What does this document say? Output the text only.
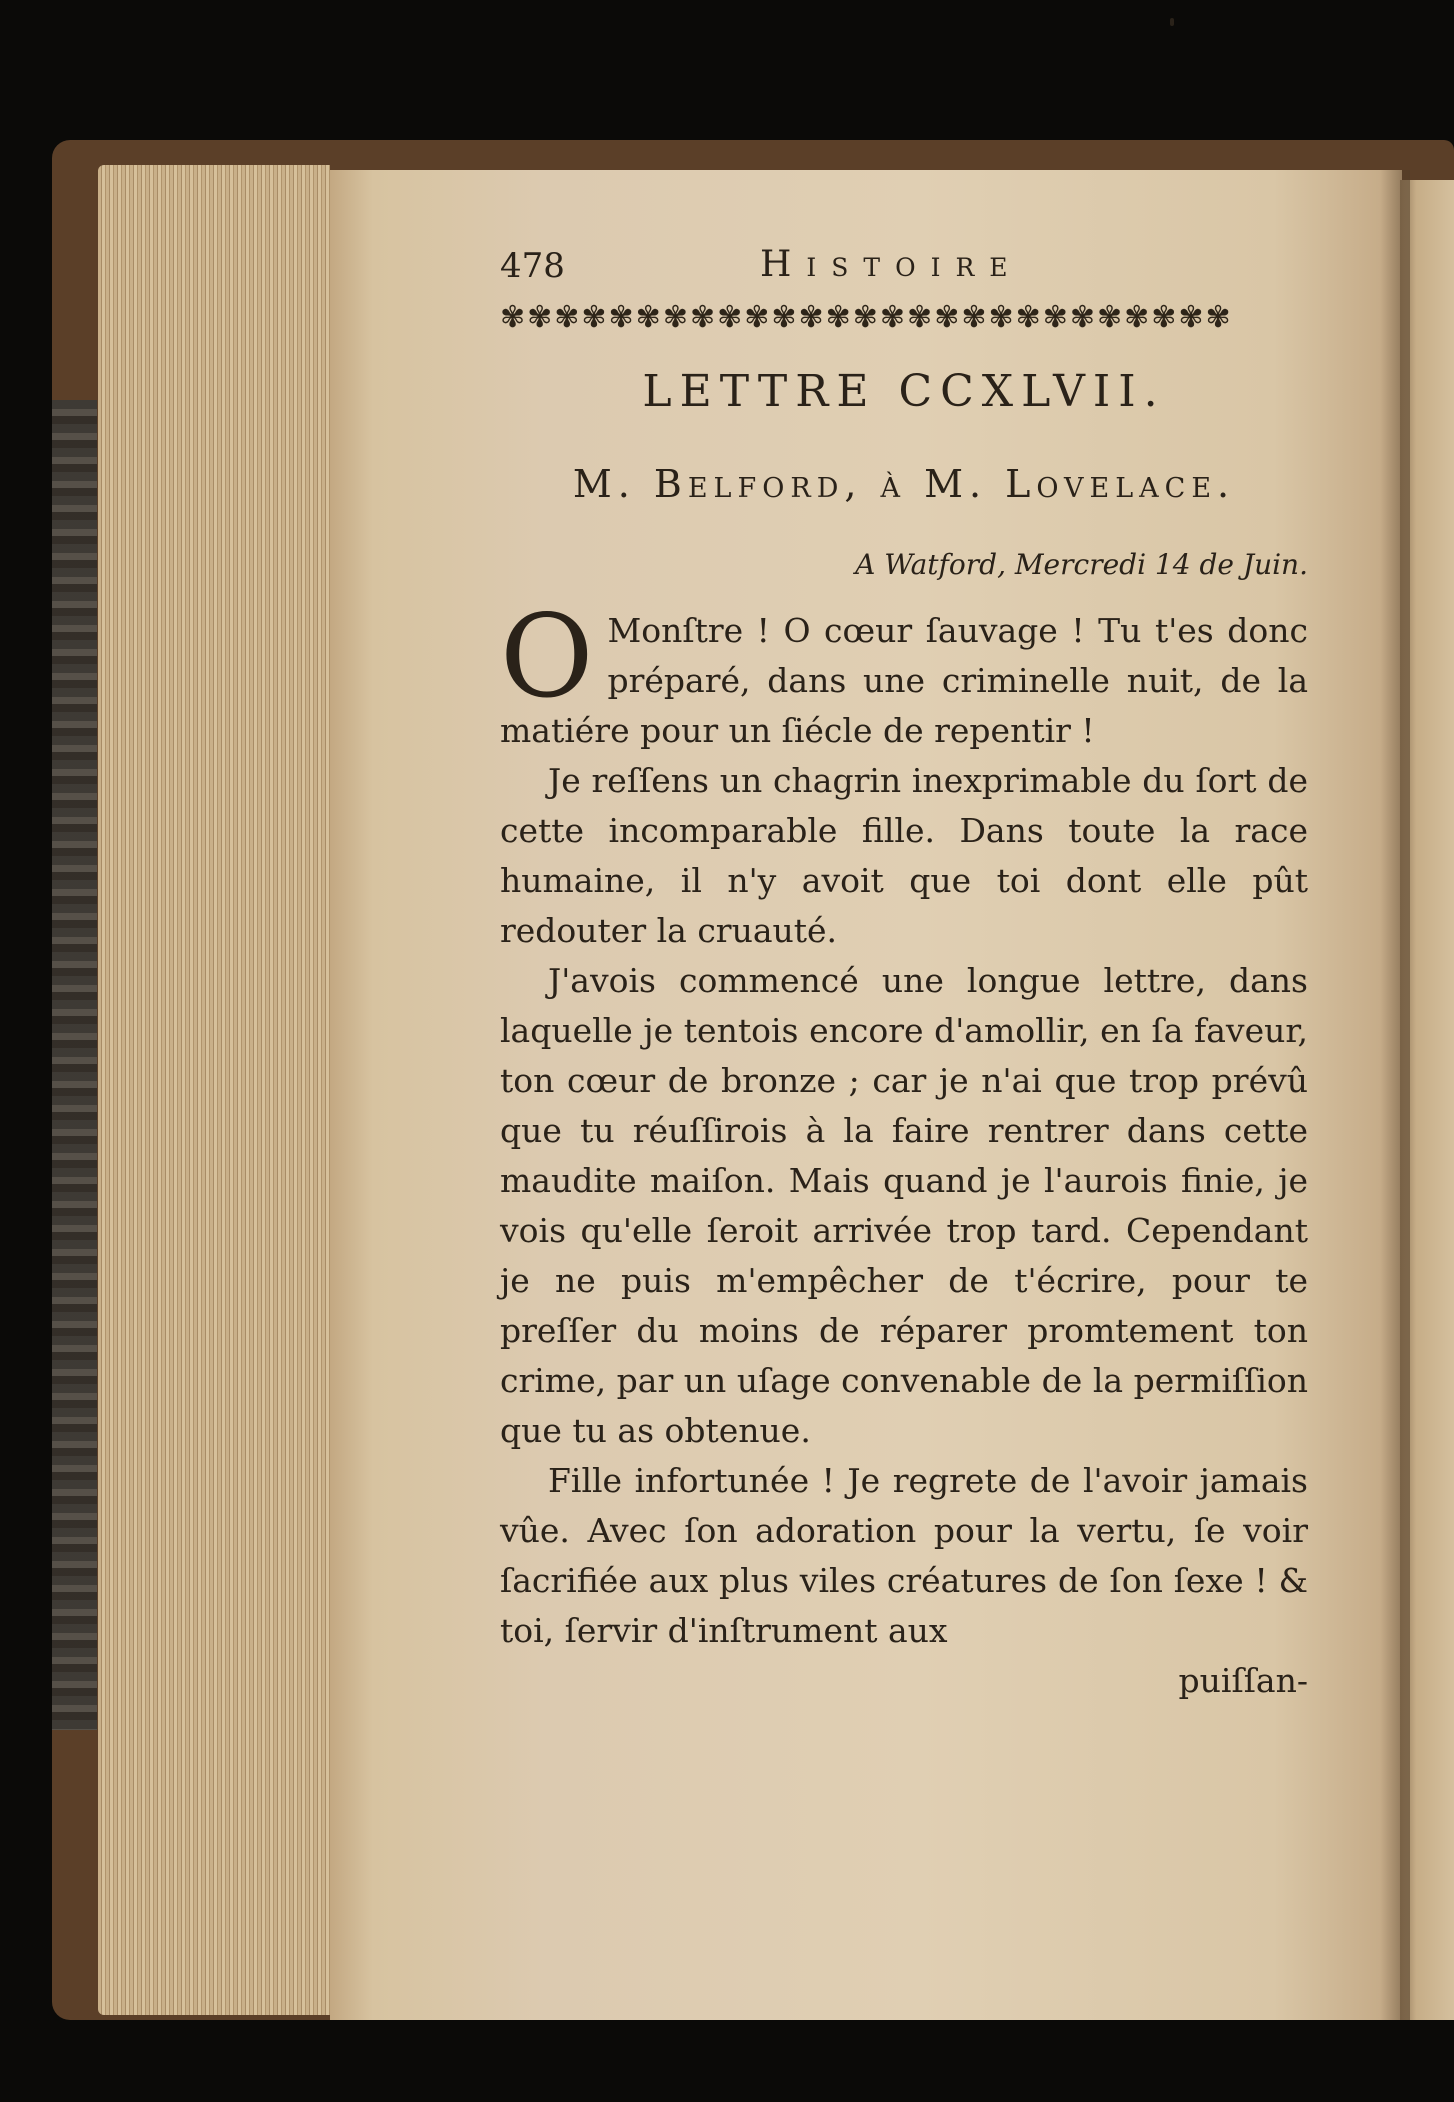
478	Histoire
✾✾✾✾✾✾✾✾✾✾✾✾✾✾✾✾✾✾✾✾✾✾✾✾✾✾✾
LETTRE CCXLVII.
M. Belford, à M. Lovelace.
A Watford, Mercredi 14 de Juin.

O Monſtre ! O cœur ſauvage ! Tu t'es donc préparé, dans une criminelle nuit, de la matiére pour un ſiécle de repentir !

Je reſſens un chagrin inexprimable du ſort de cette incomparable fille. Dans toute la race humaine, il n'y avoit que toi dont elle pût redouter la cruauté.

J'avois commencé une longue lettre, dans laquelle je tentois encore d'amollir, en ſa faveur, ton cœur de bronze ; car je n'ai que trop prévû que tu réuſſirois à la faire rentrer dans cette maudite maiſon. Mais quand je l'aurois finie, je vois qu'elle ſeroit arrivée trop tard. Cependant je ne puis m'empêcher de t'écrire, pour te preſſer du moins de réparer promtement ton crime, par un uſage convenable de la permiſſion que tu as obtenue.

Fille infortunée ! Je regrete de l'avoir jamais vûe. Avec ſon adoration pour la vertu, ſe voir ſacrifiée aux plus viles créatures de ſon ſexe ! & toi, ſervir d'inſtrument aux

puiſſan-
